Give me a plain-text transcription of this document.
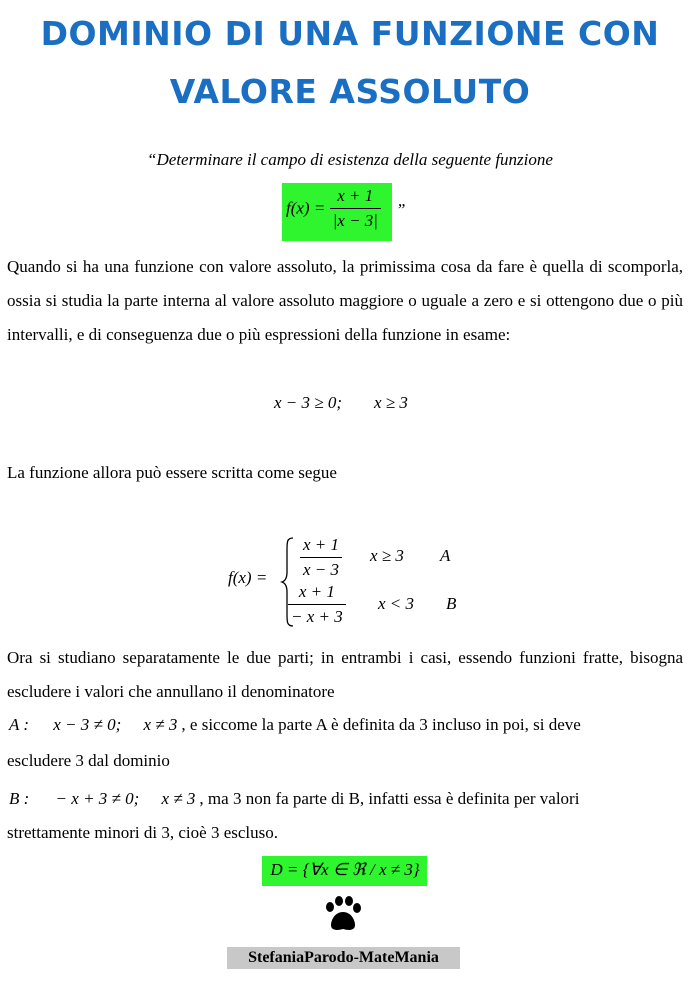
DOMINIO DI UNA FUNZIONE CON
VALORE ASSOLUTO
“Determinare il campo di esistenza della seguente funzione
$f(x) = \frac{x + 1}{|x - 3|}$ ”
Quando si ha una funzione con valore assoluto, la primissima cosa da fare è quella di scomporla, ossia si studia la parte interna al valore assoluto maggiore o uguale a zero e si ottengono due o più intervalli, e di conseguenza due o più espressioni della funzione in esame:
x − 3 ≥ 0; x ≥ 3
La funzione allora può essere scritta come segue
$f(x) = \frac{x + 1}{x - 3}$ x ≥ 3 A
$\frac{x + 1}{- x + 3}$ x < 3 B
Ora si studiano separatamente le due parti; in entrambi i casi, essendo funzioni fratte, bisogna escludere i valori che annullano il denominatore
A : x − 3 ≠ 0; x ≠ 3 , e siccome la parte A è definita da 3 incluso in poi, si deve
escludere 3 dal dominio
B : − x + 3 ≠ 0; x ≠ 3 , ma 3 non fa parte di B, infatti essa è definita per valori
strettamente minori di 3, cioè 3 escluso.
D = {∀x ∈ ℜ / x ≠ 3}
StefaniaParodo-MateMania
